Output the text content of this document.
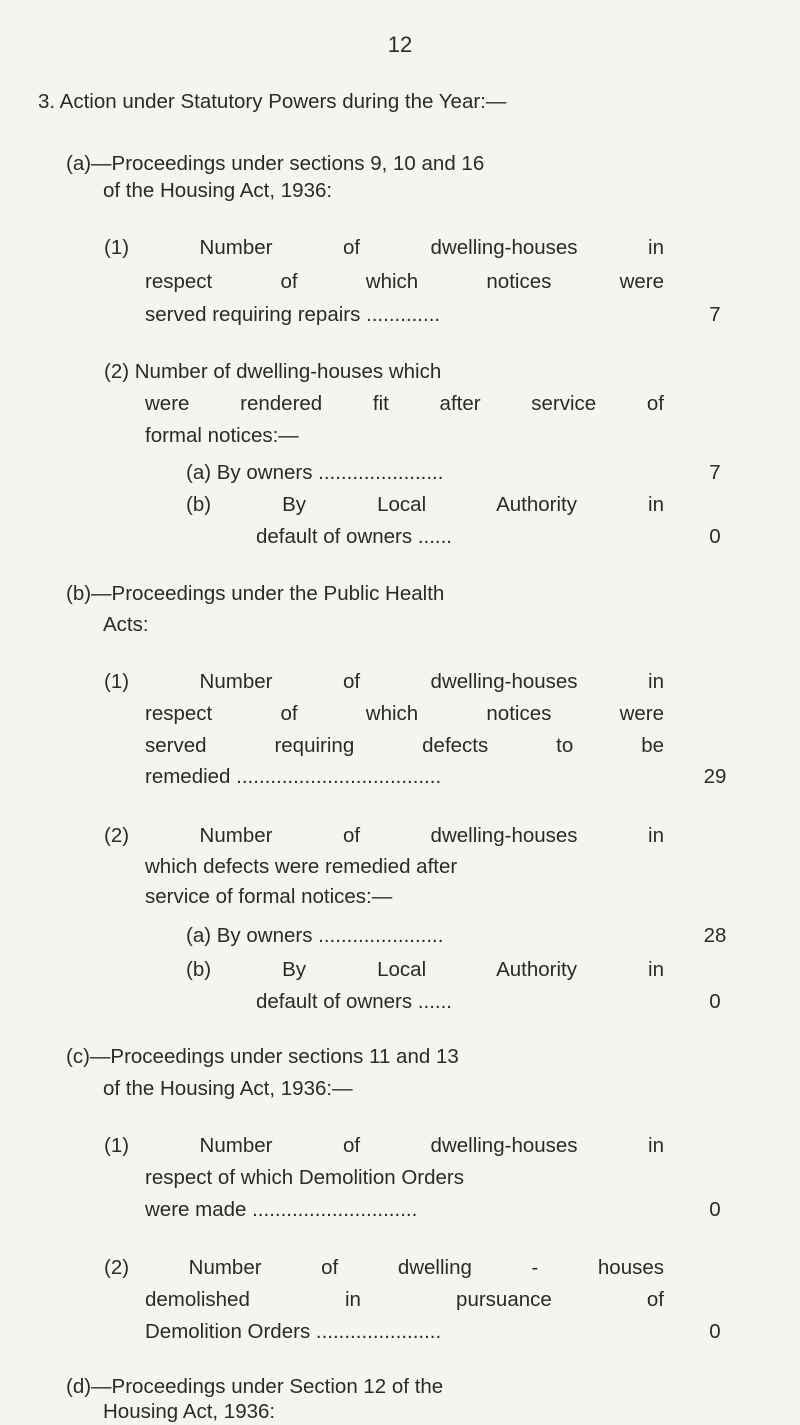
12
3. Action under Statutory Powers during the Year:—
(a)—Proceedings under sections 9, 10 and 16
of the Housing Act, 1936:
(1) Number of dwelling-houses in
respect of which notices were
served requiring repairs .............	7
(2) Number of dwelling-houses which
were rendered fit after service of
formal notices:—
(a) By owners ......................	7
(b) By Local Authority in
default of owners ......	0
(b)—Proceedings under the Public Health
Acts:
(1) Number of dwelling-houses in
respect of which notices were
served requiring defects to be
remedied ....................................	29
(2) Number of dwelling-houses in
which defects were remedied after
service of formal notices:—
(a) By owners ......................	28
(b) By Local Authority in
default of owners ......	0
(c)—Proceedings under sections 11 and 13
of the Housing Act, 1936:—
(1) Number of dwelling-houses in
respect of which Demolition Orders
were made .............................	0
(2) Number of dwelling - houses
demolished in pursuance of
Demolition Orders ......................	0
(d)—Proceedings under Section 12 of the
Housing Act, 1936:
